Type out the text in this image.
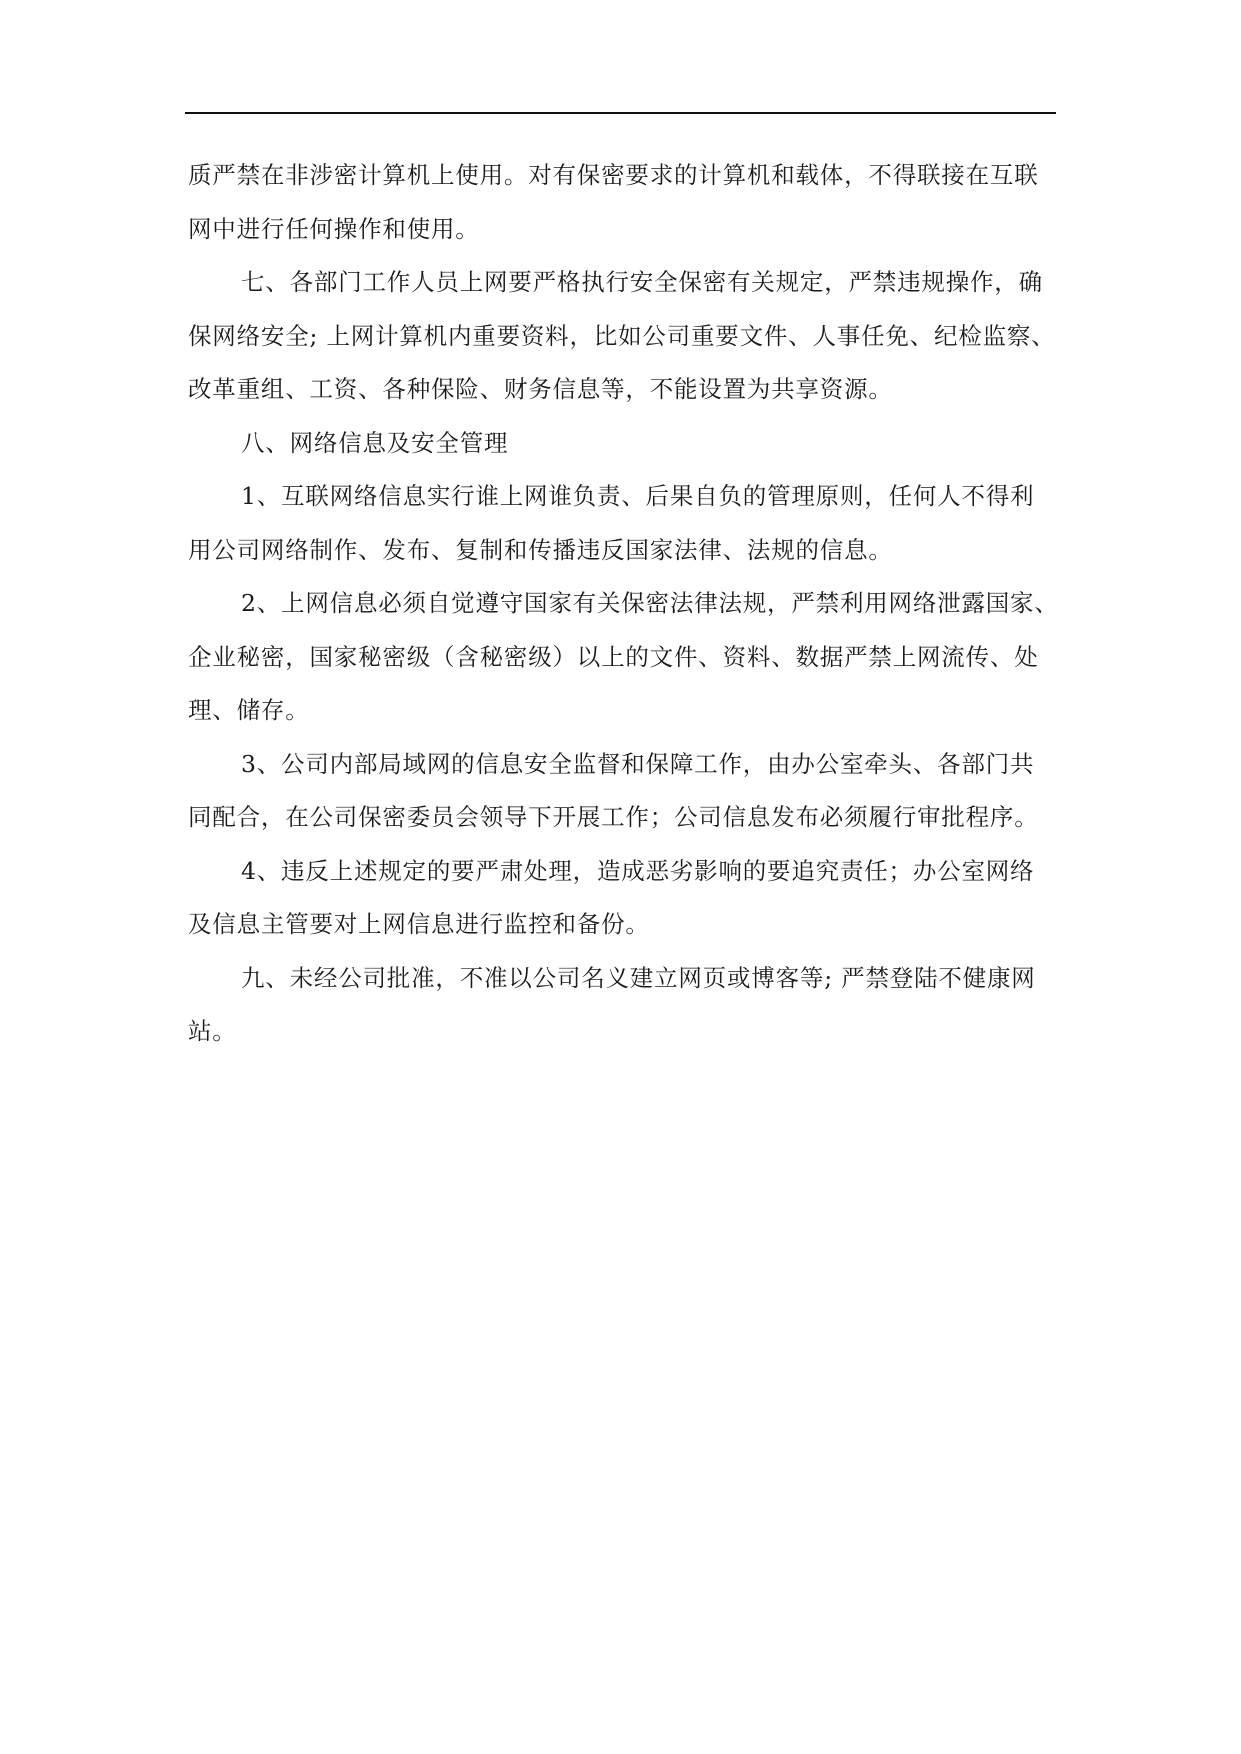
质严禁在非涉密计算机上使用。对有保密要求的计算机和载体，不得联接在互联
网中进行任何操作和使用。
七、各部门工作人员上网要严格执行安全保密有关规定，严禁违规操作，确
保网络安全; 上网计算机内重要资料，比如公司重要文件、人事任免、纪检监察、
改革重组、工资、各种保险、财务信息等，不能设置为共享资源。
八、网络信息及安全管理
1、互联网络信息实行谁上网谁负责、后果自负的管理原则，任何人不得利
用公司网络制作、发布、复制和传播违反国家法律、法规的信息。
2、上网信息必须自觉遵守国家有关保密法律法规，严禁利用网络泄露国家、
企业秘密，国家秘密级（含秘密级）以上的文件、资料、数据严禁上网流传、处
理、储存。
3、公司内部局域网的信息安全监督和保障工作，由办公室牵头、各部门共
同配合，在公司保密委员会领导下开展工作；公司信息发布必须履行审批程序。
4、违反上述规定的要严肃处理，造成恶劣影响的要追究责任；办公室网络
及信息主管要对上网信息进行监控和备份。
九、未经公司批准，不准以公司名义建立网页或博客等; 严禁登陆不健康网
站。
